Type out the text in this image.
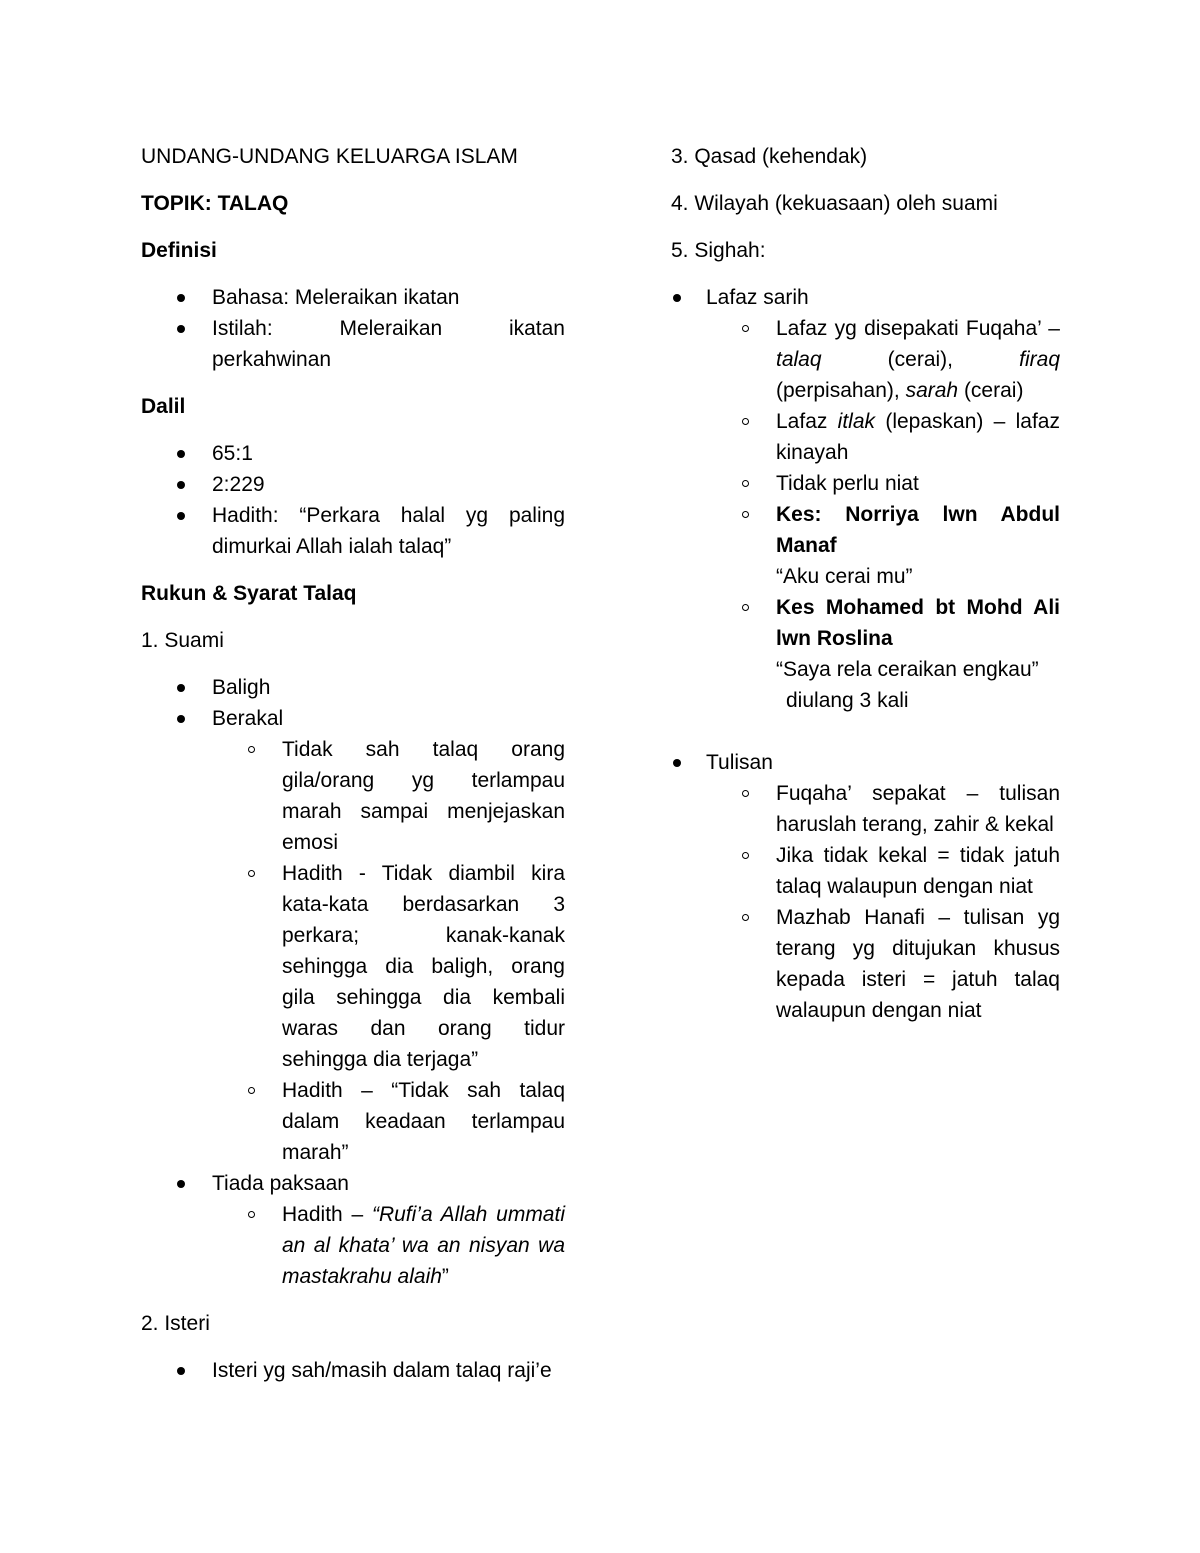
UNDANG-UNDANG KELUARGA ISLAM

TOPIK: TALAQ

Definisi

Bahasa: Meleraikan ikatan
Istilah: Meleraikan ikatan perkahwinan

Dalil

65:1
2:229
Hadith: “Perkara halal yg paling dimurkai Allah ialah talaq”

Rukun & Syarat Talaq

1. Suami

Baligh
Berakal
Tidak sah talaq orang gila/orang yg terlampau marah sampai menjejaskan emosi
Hadith - Tidak diambil kira kata-kata berdasarkan 3 perkara; kanak-kanak sehingga dia baligh, orang gila sehingga dia kembali waras dan orang tidur sehingga dia terjaga”
Hadith – “Tidak sah talaq dalam keadaan terlampau marah”
Tiada paksaan
Hadith – “Rufi’a Allah ummati an al khata’ wa an nisyan wa mastakrahu alaih”

2. Isteri

Isteri yg sah/masih dalam talaq raji’e

3. Qasad (kehendak)

4. Wilayah (kekuasaan) oleh suami

5. Sighah:

Lafaz sarih
Lafaz yg disepakati Fuqaha’ – talaq (cerai), firaq (perpisahan), sarah (cerai)
Lafaz itlak (lepaskan) – lafaz kinayah
Tidak perlu niat
Kes: Norriya lwn Abdul Manaf
“Aku cerai mu”
Kes Mohamed bt Mohd Ali lwn Roslina
“Saya rela ceraikan engkau”
diulang 3 kali
Tulisan
Fuqaha’ sepakat – tulisan haruslah terang, zahir & kekal
Jika tidak kekal = tidak jatuh talaq walaupun dengan niat
Mazhab Hanafi – tulisan yg terang yg ditujukan khusus kepada isteri = jatuh talaq walaupun dengan niat
